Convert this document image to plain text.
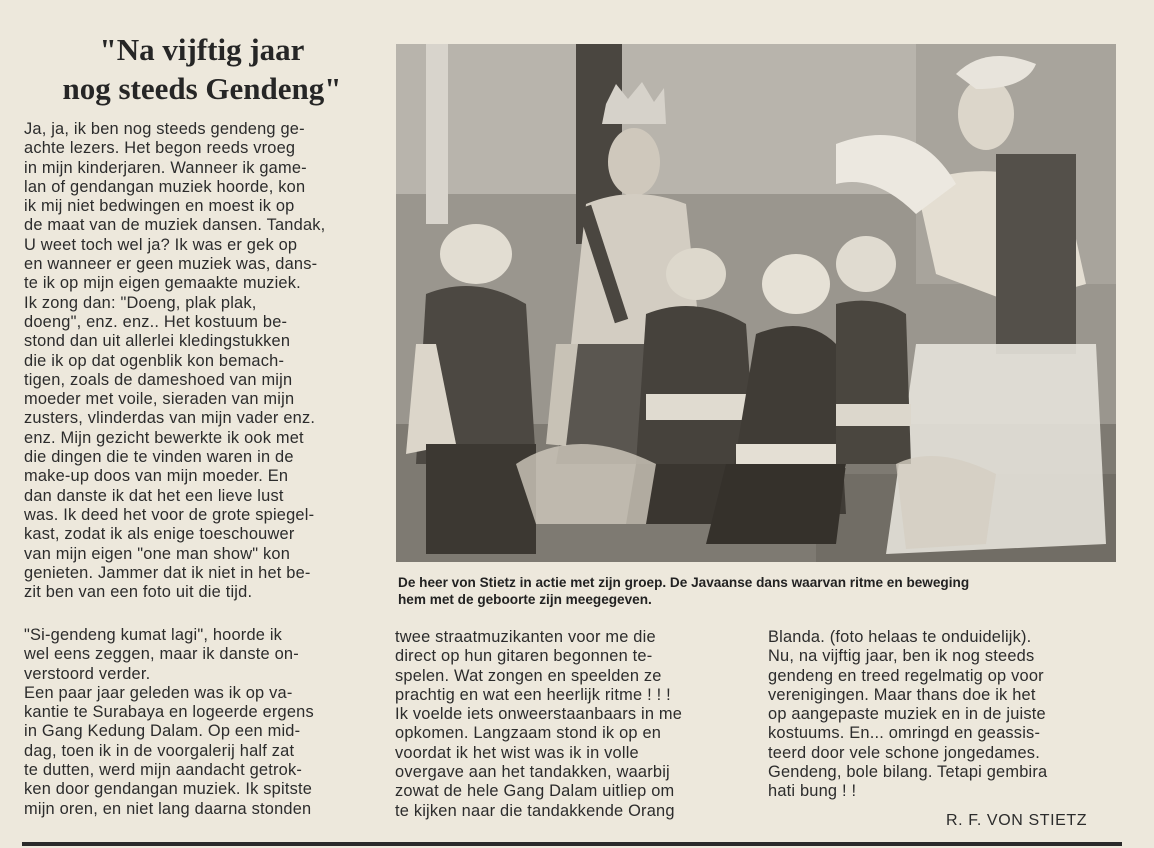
"Na vijftig jaar
nog steeds Gendeng"
Ja, ja, ik ben nog steeds gendeng ge-
achte lezers. Het begon reeds vroeg
in mijn kinderjaren. Wanneer ik game-
lan of gendangan muziek hoorde, kon
ik mij niet bedwingen en moest ik op
de maat van de muziek dansen. Tandak,
U weet toch wel ja? Ik was er gek op
en wanneer er geen muziek was, dans-
te ik op mijn eigen gemaakte muziek.
Ik zong dan: "Doeng, plak plak,
doeng", enz. enz.. Het kostuum be-
stond dan uit allerlei kledingstukken
die ik op dat ogenblik kon bemach-
tigen, zoals de dameshoed van mijn
moeder met voile, sieraden van mijn
zusters, vlinderdas van mijn vader enz.
enz. Mijn gezicht bewerkte ik ook met
die dingen die te vinden waren in de
make-up doos van mijn moeder. En
dan danste ik dat het een lieve lust
was. Ik deed het voor de grote spiegel-
kast, zodat ik als enige toeschouwer
van mijn eigen "one man show" kon
genieten. Jammer dat ik niet in het be-
zit ben van een foto uit die tijd.
"Si-gendeng kumat lagi", hoorde ik
wel eens zeggen, maar ik danste on-
verstoord verder.
Een paar jaar geleden was ik op va-
kantie te Surabaya en logeerde ergens
in Gang Kedung Dalam. Op een mid-
dag, toen ik in de voorgalerij half zat
te dutten, werd mijn aandacht getrok-
ken door gendangan muziek. Ik spitste
mijn oren, en niet lang daarna stonden
De heer von Stietz in actie met zijn groep. De Javaanse dans waarvan ritme en beweging
hem met de geboorte zijn meegegeven.
twee straatmuzikanten voor me die
direct op hun gitaren begonnen te-
spelen. Wat zongen en speelden ze
prachtig en wat een heerlijk ritme ! ! !
Ik voelde iets onweerstaanbaars in me
opkomen. Langzaam stond ik op en
voordat ik het wist was ik in volle
overgave aan het tandakken, waarbij
zowat de hele Gang Dalam uitliep om
te kijken naar die tandakkende Orang
Blanda. (foto helaas te onduidelijk).
Nu, na vijftig jaar, ben ik nog steeds
gendeng en treed regelmatig op voor
verenigingen. Maar thans doe ik het
op aangepaste muziek en in de juiste
kostuums. En... omringd en geassis-
teerd door vele schone jongedames.
Gendeng, bole bilang. Tetapi gembira
hati bung ! !
R. F. VON STIETZ
